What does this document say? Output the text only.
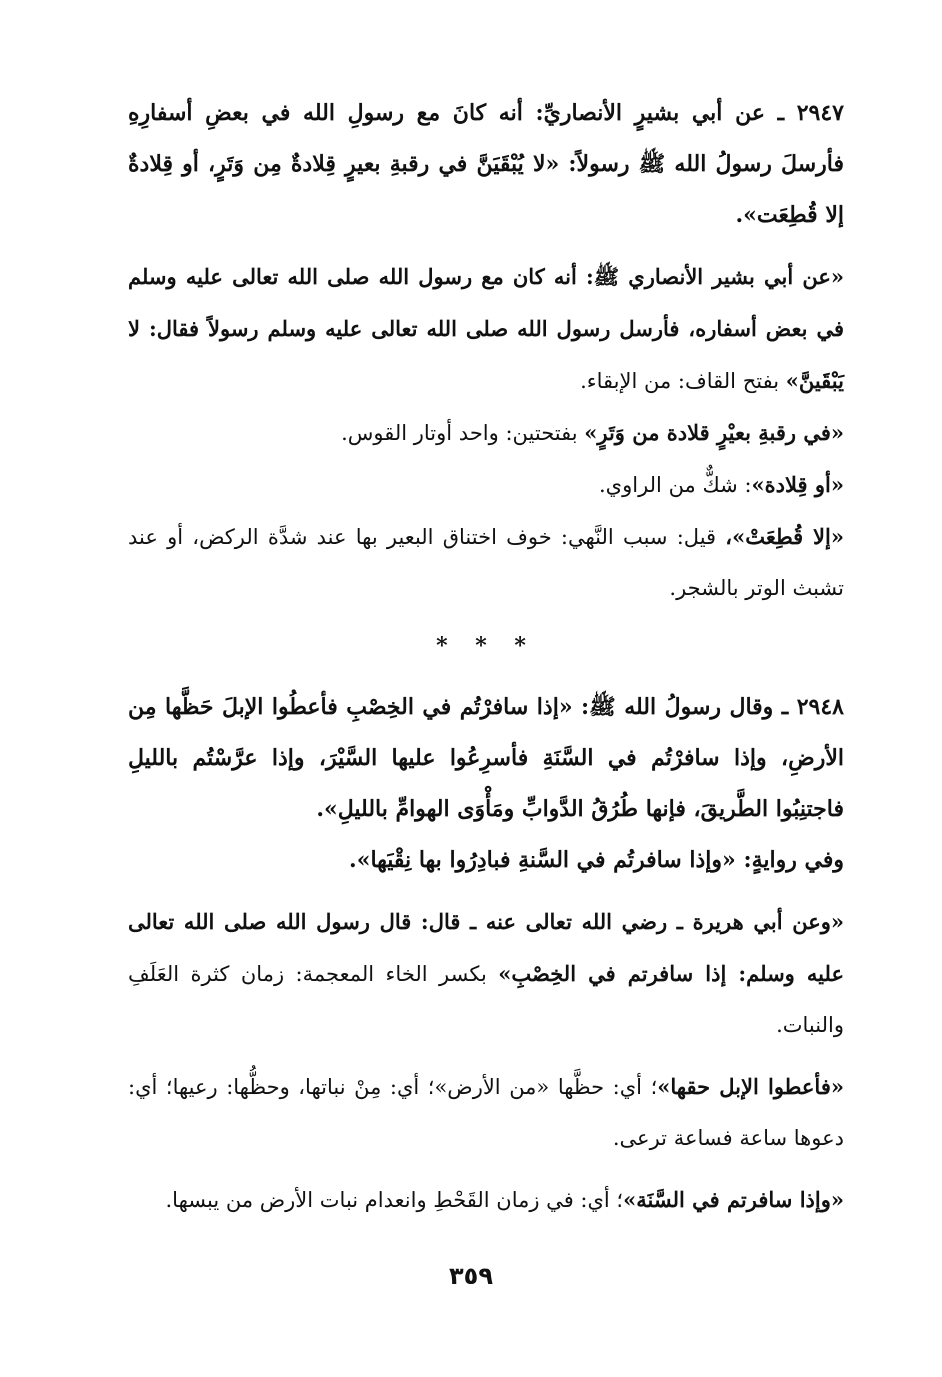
٢٩٤٧ ـ عن أبي بشيرٍ الأنصاريِّ: أنه كانَ مع رسولِ الله في بعضِ أسفارِهِ فأرسلَ رسولُ الله ﷺ رسولاً: «لا يُبْقَيَنَّ في رقبةِ بعيرٍ قِلادةٌ مِن وَتَرٍ، أو قِلادةٌ إلا قُطِعَت».

«عن أبي بشير الأنصاري ﷺ: أنه كان مع رسول الله صلى الله تعالى عليه وسلم في بعض أسفاره، فأرسل رسول الله صلى الله تعالى عليه وسلم رسولاً فقال: لا يَبْقَينَّ» بفتح القاف: من الإبقاء.

«في رقبةِ بعيْرٍ قلادة من وَتَرٍ» بفتحتين: واحد أوتار القوس.

«أو قِلادة»: شكٌّ من الراوي.

«إلا قُطِعَتْ»، قيل: سبب النَّهي: خوف اختناق البعير بها عند شدَّة الركض، أو عند تشبث الوتر بالشجر.

* * *

٢٩٤٨ ـ وقال رسولُ الله ﷺ: «إذا سافرْتُم في الخِصْبِ فأعطُوا الإبلَ حَظَّها مِن الأرضِ، وإذا سافرْتُم في السَّنَةِ فأسرِعُوا عليها السَّيْرَ، وإذا عرَّسْتُم بالليلِ فاجتنِبُوا الطَّريقَ، فإنها طُرُقُ الدَّوابِّ ومَأْوَى الهوامِّ بالليلِ».

وفي روايةٍ: «وإذا سافرتُم في السَّنةِ فبادِرُوا بها نِقْيَها».

«وعن أبي هريرة ـ رضي الله تعالى عنه ـ قال: قال رسول الله صلى الله تعالى عليه وسلم: إذا سافرتم في الخِصْبِ» بكسر الخاء المعجمة: زمان كثرة العَلَفِ والنبات.

«فأعطوا الإبل حقها»؛ أي: حظَّها «من الأرض»؛ أي: مِنْ نباتها، وحظُّها: رعيها؛ أي: دعوها ساعة فساعة ترعى.

«وإذا سافرتم في السَّنَة»؛ أي: في زمان القَحْطِ وانعدام نبات الأرض من يبسها.

٣٥٩
